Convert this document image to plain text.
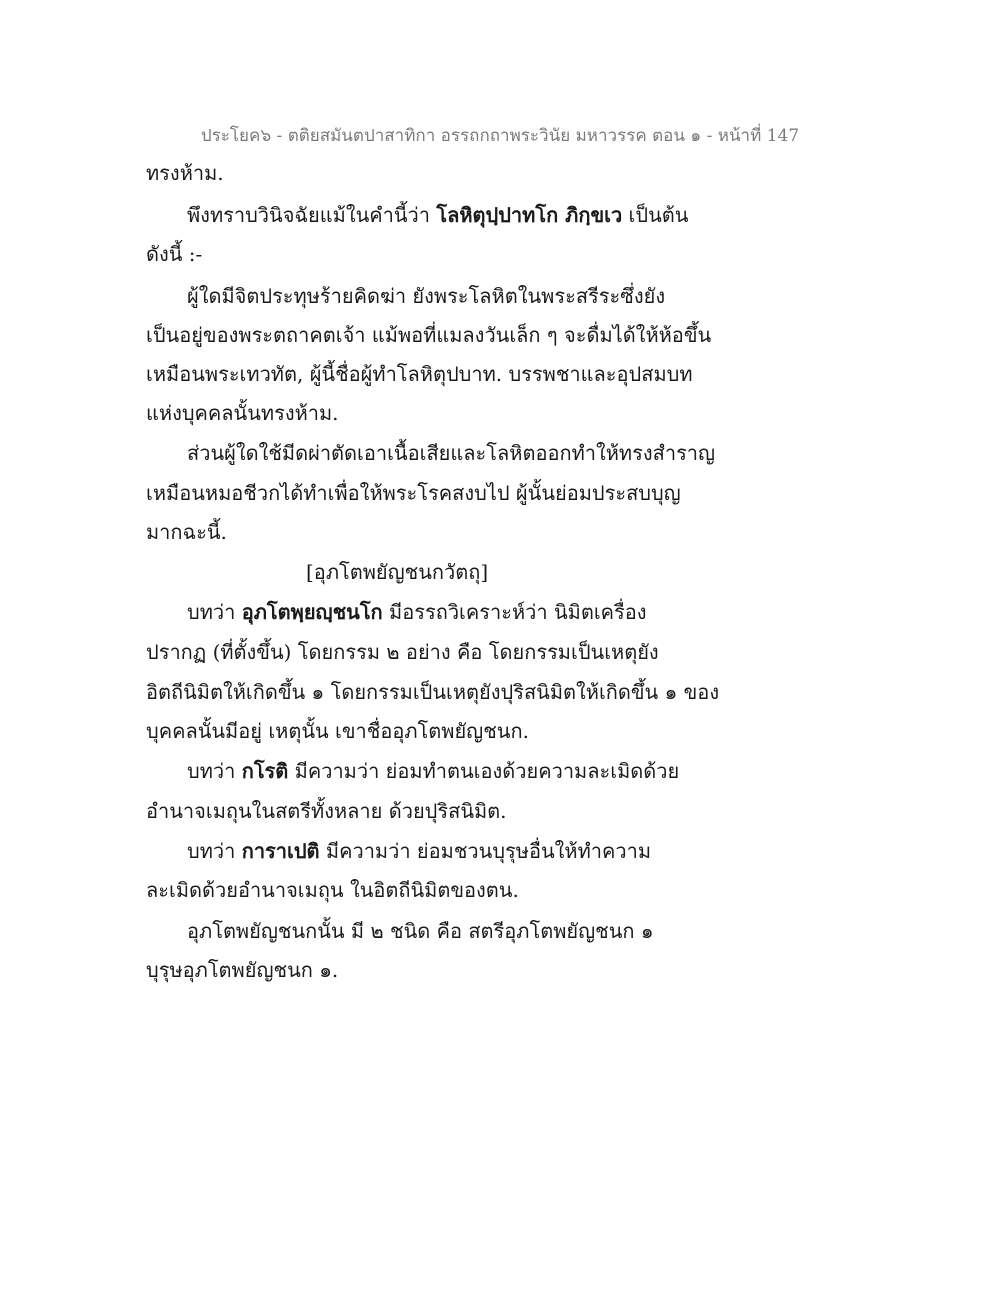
ประโยค๖ - ตติยสมันตปาสาทิกา อรรถกถาพระวินัย มหาวรรค ตอน ๑ - หน้าที่ 147
ทรงห้าม.
พึงทราบวินิจฉัยแม้ในคำนี้ว่า โลหิตุปฺปาทโก ภิกฺขเว เป็นต้น
ดังนี้ :-
ผู้ใดมีจิตประทุษร้ายคิดฆ่า ยังพระโลหิตในพระสรีระซึ่งยัง
เป็นอยู่ของพระตถาคตเจ้า แม้พอที่แมลงวันเล็ก ๆ จะดื่มได้ให้ห้อขึ้น
เหมือนพระเทวทัต, ผู้นี้ชื่อผู้ทำโลหิตุปบาท. บรรพชาและอุปสมบท
แห่งบุคคลนั้นทรงห้าม.
ส่วนผู้ใดใช้มีดผ่าตัดเอาเนื้อเสียและโลหิตออกทำให้ทรงสำราญ
เหมือนหมอชีวกได้ทำเพื่อให้พระโรคสงบไป ผู้นั้นย่อมประสบบุญ
มากฉะนี้.
[อุภโตพยัญชนกวัตถุ]
บทว่า อุภโตพฺยญฺชนโก มีอรรถวิเคราะห์ว่า นิมิตเครื่อง
ปรากฏ (ที่ตั้งขึ้น) โดยกรรม ๒ อย่าง คือ โดยกรรมเป็นเหตุยัง
อิตถีนิมิตให้เกิดขึ้น ๑ โดยกรรมเป็นเหตุยังปุริสนิมิตให้เกิดขึ้น ๑ ของ
บุคคลนั้นมีอยู่ เหตุนั้น เขาชื่ออุภโตพยัญชนก.
บทว่า กโรติ มีความว่า ย่อมทำตนเองด้วยความละเมิดด้วย
อำนาจเมถุนในสตรีทั้งหลาย ด้วยปุริสนิมิต.
บทว่า การาเปติ มีความว่า ย่อมชวนบุรุษอื่นให้ทำความ
ละเมิดด้วยอำนาจเมถุน ในอิตถีนิมิตของตน.
อุภโตพยัญชนกนั้น มี ๒ ชนิด คือ สตรีอุภโตพยัญชนก ๑
บุรุษอุภโตพยัญชนก ๑.
